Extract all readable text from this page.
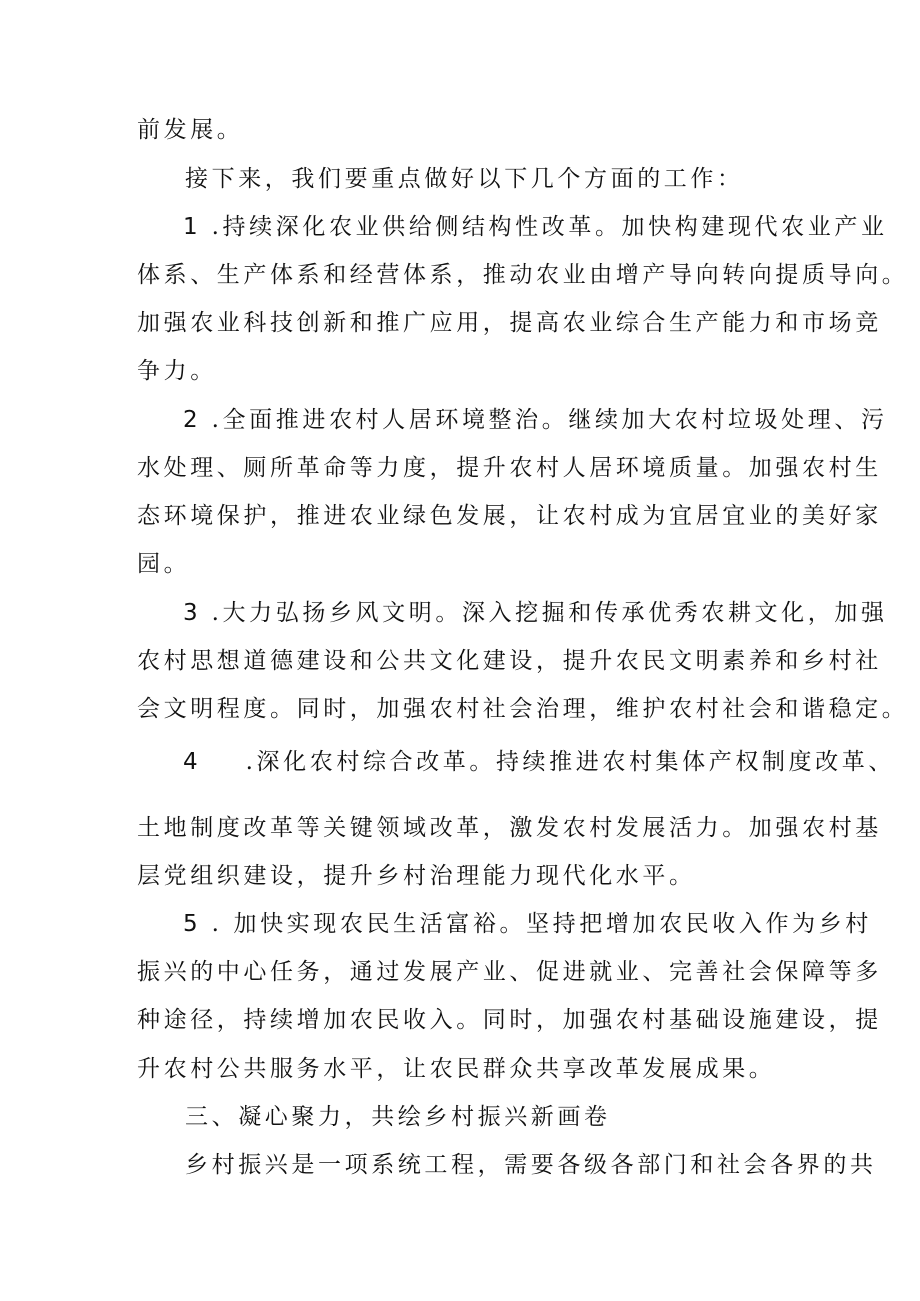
前发展。
接下来，我们要重点做好以下几个方面的工作：
1 .持续深化农业供给侧结构性改革。加快构建现代农业产业
体系、生产体系和经营体系，推动农业由增产导向转向提质导向。
加强农业科技创新和推广应用，提高农业综合生产能力和市场竞
争力。
2 .全面推进农村人居环境整治。继续加大农村垃圾处理、污
水处理、厕所革命等力度，提升农村人居环境质量。加强农村生
态环境保护，推进农业绿色发展，让农村成为宜居宜业的美好家
园。
3 .大力弘扬乡风文明。深入挖掘和传承优秀农耕文化，加强
农村思想道德建设和公共文化建设，提升农民文明素养和乡村社
会文明程度。同时，加强农村社会治理，维护农村社会和谐稳定。
4 .深化农村综合改革。持续推进农村集体产权制度改革、
土地制度改革等关键领域改革，激发农村发展活力。加强农村基
层党组织建设，提升乡村治理能力现代化水平。
5 . 加快实现农民生活富裕。坚持把增加农民收入作为乡村
振兴的中心任务，通过发展产业、促进就业、完善社会保障等多
种途径，持续增加农民收入。同时，加强农村基础设施建设，提
升农村公共服务水平，让农民群众共享改革发展成果。
三、凝心聚力，共绘乡村振兴新画卷
乡村振兴是一项系统工程，需要各级各部门和社会各界的共
